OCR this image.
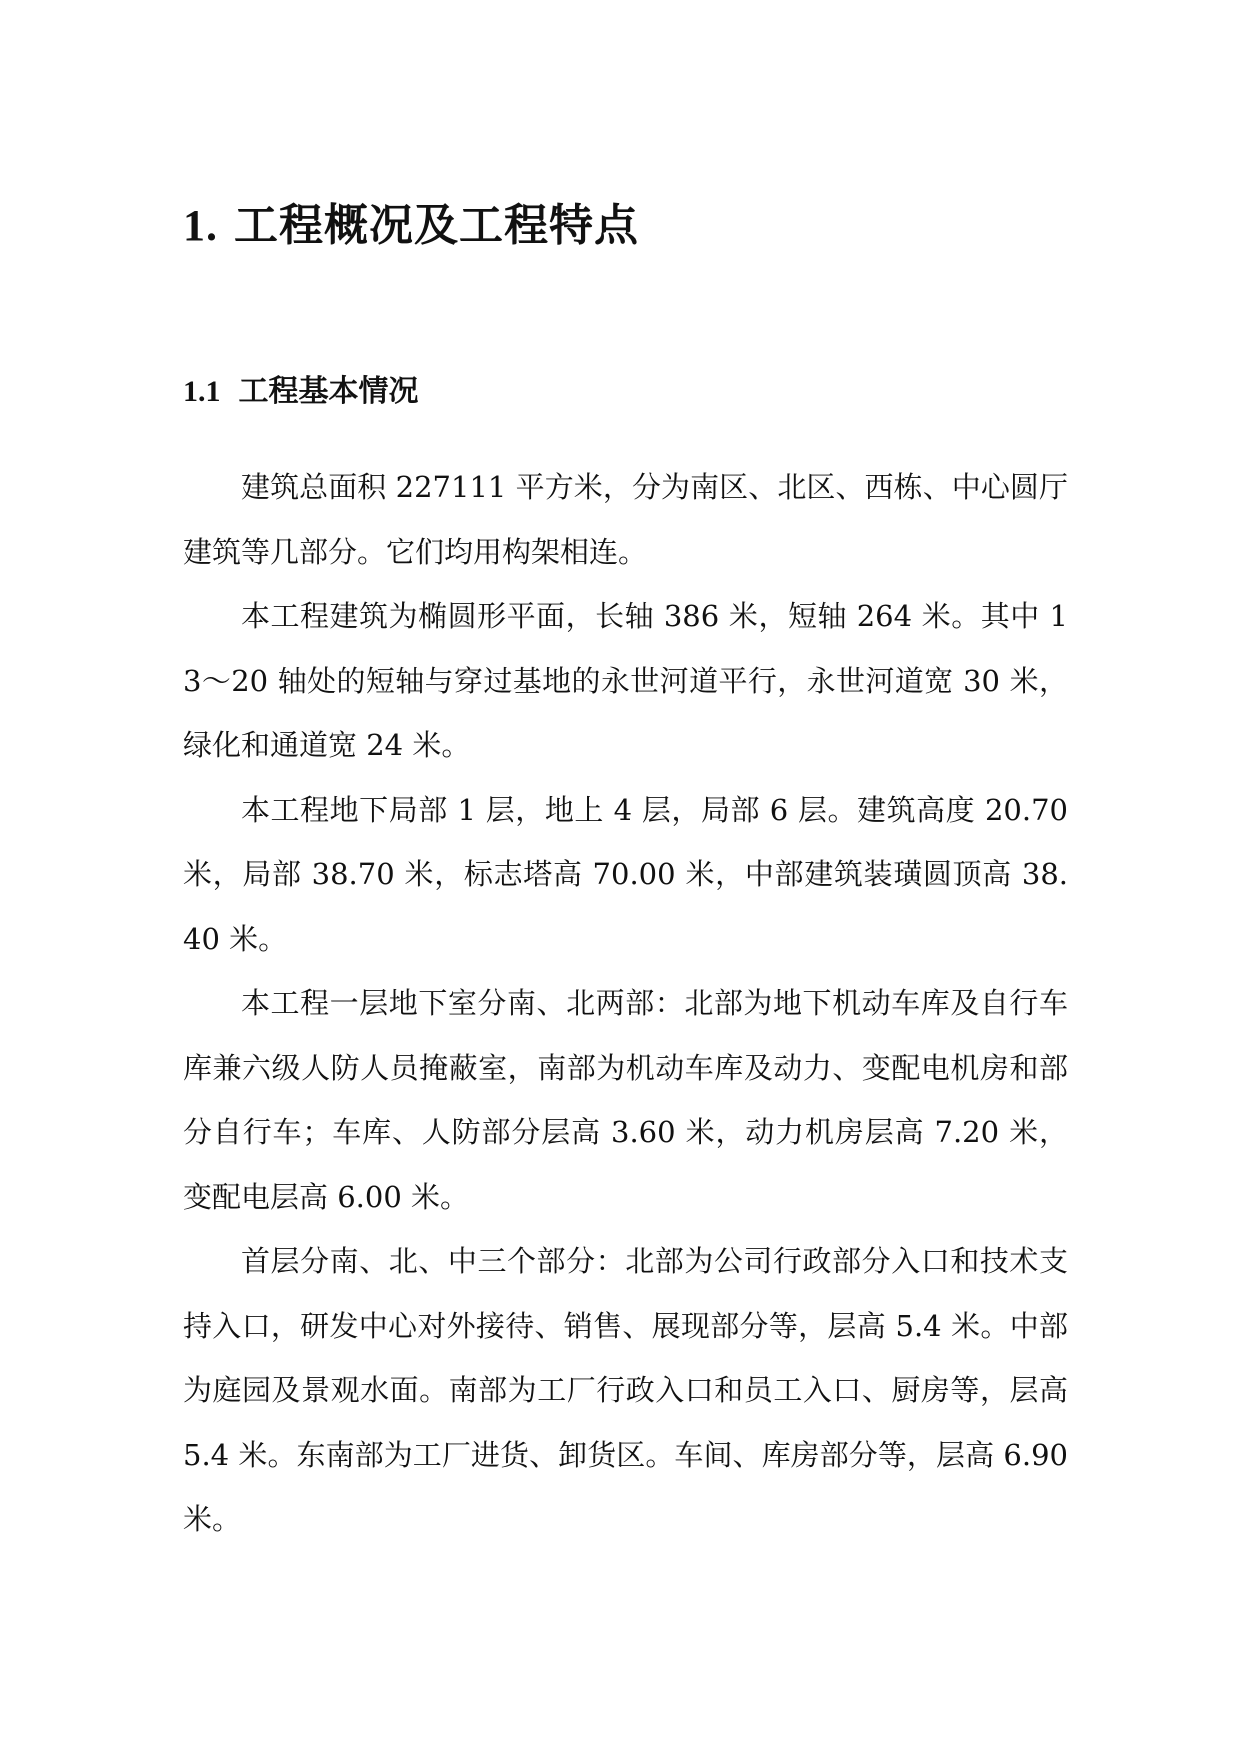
1. 工程概况及工程特点
1.1 工程基本情况

建筑总面积 227111 平方米，分为南区、北区、西栋、中心圆厅建筑等几部分。它们均用构架相连。

本工程建筑为椭圆形平面，长轴 386 米，短轴 264 米。其中 13～20 轴处的短轴与穿过基地的永世河道平行，永世河道宽 30 米，绿化和通道宽 24 米。

本工程地下局部 1 层，地上 4 层，局部 6 层。建筑高度 20.70 米，局部 38.70 米，标志塔高 70.00 米，中部建筑装璜圆顶高 38.40 米。

本工程一层地下室分南、北两部：北部为地下机动车库及自行车库兼六级人防人员掩蔽室，南部为机动车库及动力、变配电机房和部分自行车；车库、人防部分层高 3.60 米，动力机房层高 7.20 米，变配电层高 6.00 米。

首层分南、北、中三个部分：北部为公司行政部分入口和技术支持入口，研发中心对外接待、销售、展现部分等，层高 5.4 米。中部为庭园及景观水面。南部为工厂行政入口和员工入口、厨房等，层高 5.4 米。东南部为工厂进货、卸货区。车间、库房部分等，层高 6.90 米。
